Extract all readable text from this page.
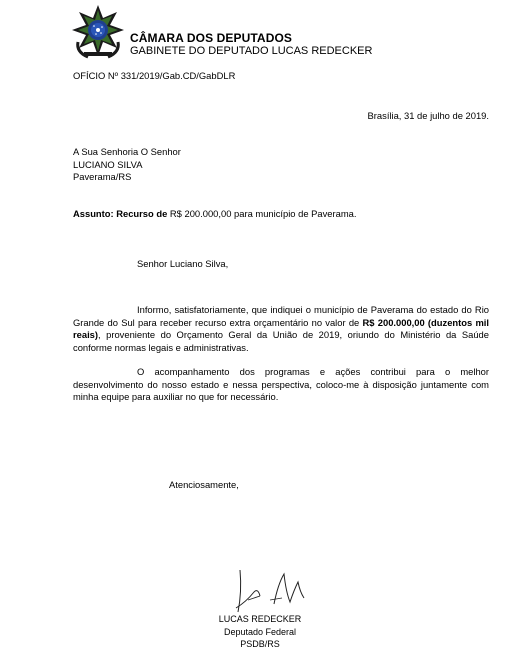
CÂMARA DOS DEPUTADOS
GABINETE DO DEPUTADO LUCAS REDECKER
OFÍCIO Nº 331/2019/Gab.CD/GabDLR
Brasília, 31 de julho de 2019.
A Sua Senhoria O Senhor
LUCIANO SILVA
Paverama/RS
Assunto: Recurso de R$ 200.000,00 para município de Paverama.
Senhor Luciano Silva,
Informo, satisfatoriamente, que indiquei o município de Paverama do estado do Rio Grande do Sul para receber recurso extra orçamentário no valor de R$ 200.000,00 (duzentos mil reais), proveniente do Orçamento Geral da União de 2019, oriundo do Ministério da Saúde conforme normas legais e administrativas.
O acompanhamento dos programas e ações contribui para o melhor desenvolvimento do nosso estado e nessa perspectiva, coloco-me à disposição juntamente com minha equipe para auxiliar no que for necessário.
Atenciosamente,
LUCAS REDECKER
Deputado Federal
PSDB/RS
